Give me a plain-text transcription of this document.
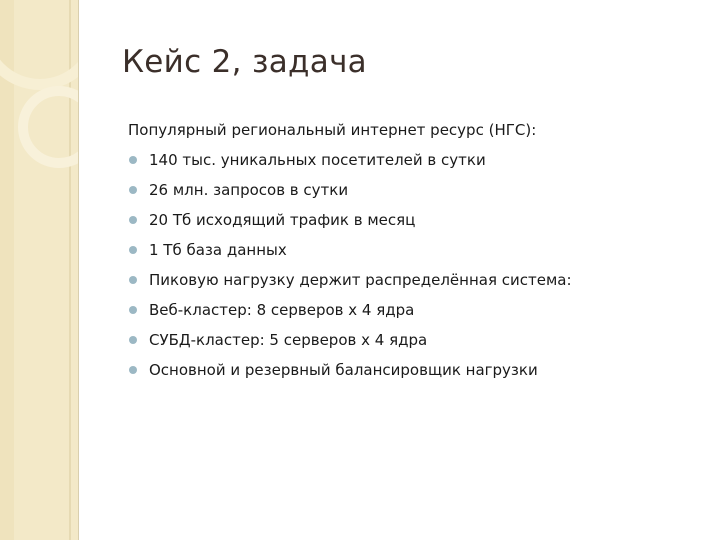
Кейс 2, задача

Популярный региональный интернет ресурс (НГС):

140 тыс. уникальных посетителей в сутки
26 млн. запросов в сутки
20 Тб исходящий трафик в месяц
1 Тб база данных
Пиковую нагрузку держит распределённая система:
Веб-кластер: 8 серверов х 4 ядра
СУБД-кластер: 5 серверов х 4 ядра
Основной и резервный балансировщик нагрузки
